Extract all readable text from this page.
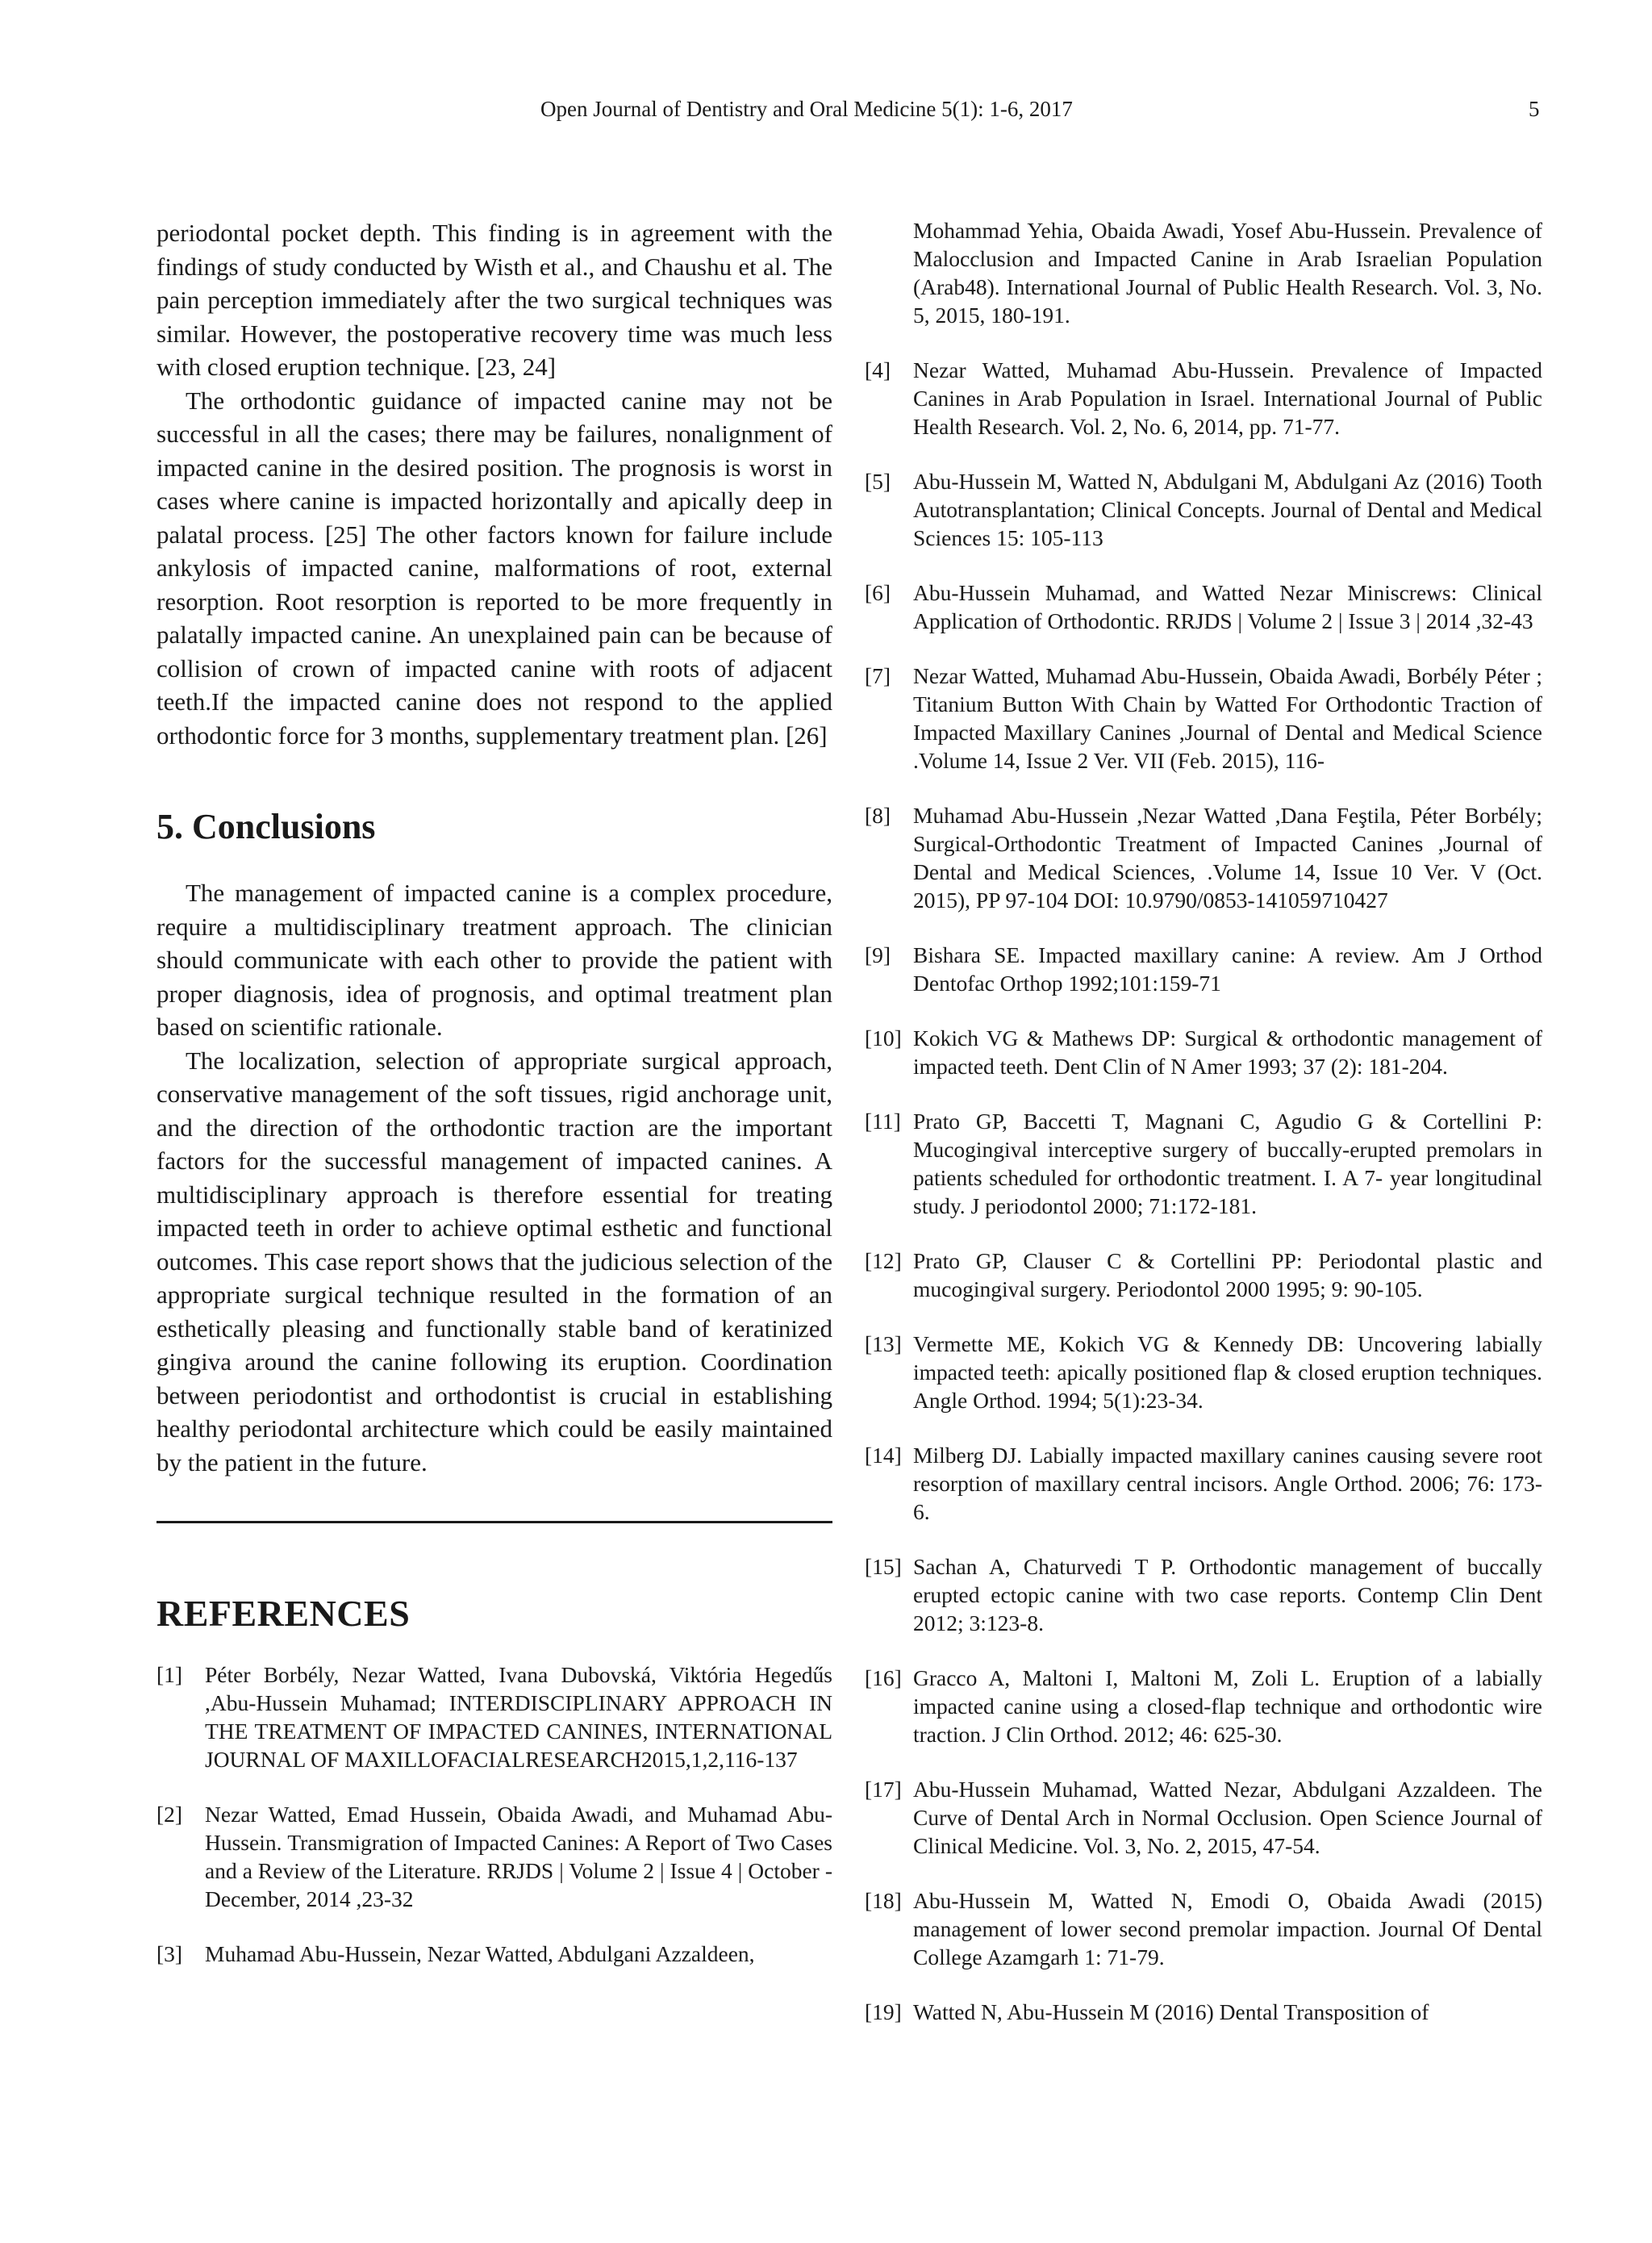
Open Journal of Dentistry and Oral Medicine 5(1): 1-6, 2017	5

periodontal pocket depth. This finding is in agreement with the findings of study conducted by Wisth et al., and Chaushu et al. The pain perception immediately after the two surgical techniques was similar. However, the postoperative recovery time was much less with closed eruption technique. [23, 24]

The orthodontic guidance of impacted canine may not be successful in all the cases; there may be failures, nonalignment of impacted canine in the desired position. The prognosis is worst in cases where canine is impacted horizontally and apically deep in palatal process. [25] The other factors known for failure include ankylosis of impacted canine, malformations of root, external resorption. Root resorption is reported to be more frequently in palatally impacted canine. An unexplained pain can be because of collision of crown of impacted canine with roots of adjacent teeth.If the impacted canine does not respond to the applied orthodontic force for 3 months, supplementary treatment plan. [26]

5. Conclusions

The management of impacted canine is a complex procedure, require a multidisciplinary treatment approach. The clinician should communicate with each other to provide the patient with proper diagnosis, idea of prognosis, and optimal treatment plan based on scientific rationale.

The localization, selection of appropriate surgical approach, conservative management of the soft tissues, rigid anchorage unit, and the direction of the orthodontic traction are the important factors for the successful management of impacted canines. A multidisciplinary approach is therefore essential for treating impacted teeth in order to achieve optimal esthetic and functional outcomes. This case report shows that the judicious selection of the appropriate surgical technique resulted in the formation of an esthetically pleasing and functionally stable band of keratinized gingiva around the canine following its eruption. Coordination between periodontist and orthodontist is crucial in establishing healthy periodontal architecture which could be easily maintained by the patient in the future.

REFERENCES
[1] Péter Borbély, Nezar Watted, Ivana Dubovská, Viktória Hegedűs ,Abu-Hussein Muhamad; INTERDISCIPLINARY APPROACH IN THE TREATMENT OF IMPACTED CANINES, INTERNATIONAL JOURNAL OF MAXILLOFACIALRESEARCH2015,1,2,116-137
[2] Nezar Watted, Emad Hussein, Obaida Awadi, and Muhamad Abu-Hussein. Transmigration of Impacted Canines: A Report of Two Cases and a Review of the Literature. RRJDS | Volume 2 | Issue 4 | October - December, 2014 ,23-32
[3] Muhamad Abu-Hussein, Nezar Watted, Abdulgani Azzaldeen,
Mohammad Yehia, Obaida Awadi, Yosef Abu-Hussein. Prevalence of Malocclusion and Impacted Canine in Arab Israelian Population (Arab48). International Journal of Public Health Research. Vol. 3, No. 5, 2015, 180-191.
[4] Nezar Watted, Muhamad Abu-Hussein. Prevalence of Impacted Canines in Arab Population in Israel. International Journal of Public Health Research. Vol. 2, No. 6, 2014, pp. 71-77.
[5] Abu-Hussein M, Watted N, Abdulgani M, Abdulgani Az (2016) Tooth Autotransplantation; Clinical Concepts. Journal of Dental and Medical Sciences 15: 105-113
[6] Abu-Hussein Muhamad, and Watted Nezar Miniscrews: Clinical Application of Orthodontic. RRJDS | Volume 2 | Issue 3 | 2014 ,32-43
[7] Nezar Watted, Muhamad Abu-Hussein, Obaida Awadi, Borbély Péter ; Titanium Button With Chain by Watted For Orthodontic Traction of Impacted Maxillary Canines ,Journal of Dental and Medical Science .Volume 14, Issue 2 Ver. VII (Feb. 2015), 116-
[8] Muhamad Abu-Hussein ,Nezar Watted ,Dana Feştila, Péter Borbély; Surgical-Orthodontic Treatment of Impacted Canines ,Journal of Dental and Medical Sciences, .Volume 14, Issue 10 Ver. V (Oct. 2015), PP 97-104 DOI: 10.9790/0853-141059710427
[9] Bishara SE. Impacted maxillary canine: A review. Am J Orthod Dentofac Orthop 1992;101:159-71
[10] Kokich VG & Mathews DP: Surgical & orthodontic management of impacted teeth. Dent Clin of N Amer 1993; 37 (2): 181-204.
[11] Prato GP, Baccetti T, Magnani C, Agudio G & Cortellini P: Mucogingival interceptive surgery of buccally-erupted premolars in patients scheduled for orthodontic treatment. I. A 7- year longitudinal study. J periodontol 2000; 71:172-181.
[12] Prato GP, Clauser C & Cortellini PP: Periodontal plastic and mucogingival surgery. Periodontol 2000 1995; 9: 90-105.
[13] Vermette ME, Kokich VG & Kennedy DB: Uncovering labially impacted teeth: apically positioned flap & closed eruption techniques. Angle Orthod. 1994; 5(1):23-34.
[14] Milberg DJ. Labially impacted maxillary canines causing severe root resorption of maxillary central incisors. Angle Orthod. 2006; 76: 173-6.
[15] Sachan A, Chaturvedi T P. Orthodontic management of buccally erupted ectopic canine with two case reports. Contemp Clin Dent 2012; 3:123-8.
[16] Gracco A, Maltoni I, Maltoni M, Zoli L. Eruption of a labially impacted canine using a closed-flap technique and orthodontic wire traction. J Clin Orthod. 2012; 46: 625-30.
[17] Abu-Hussein Muhamad, Watted Nezar, Abdulgani Azzaldeen. The Curve of Dental Arch in Normal Occlusion. Open Science Journal of Clinical Medicine. Vol. 3, No. 2, 2015, 47-54.
[18] Abu-Hussein M, Watted N, Emodi O, Obaida Awadi (2015) management of lower second premolar impaction. Journal Of Dental College Azamgarh 1: 71-79.
[19] Watted N, Abu-Hussein M (2016) Dental Transposition of
